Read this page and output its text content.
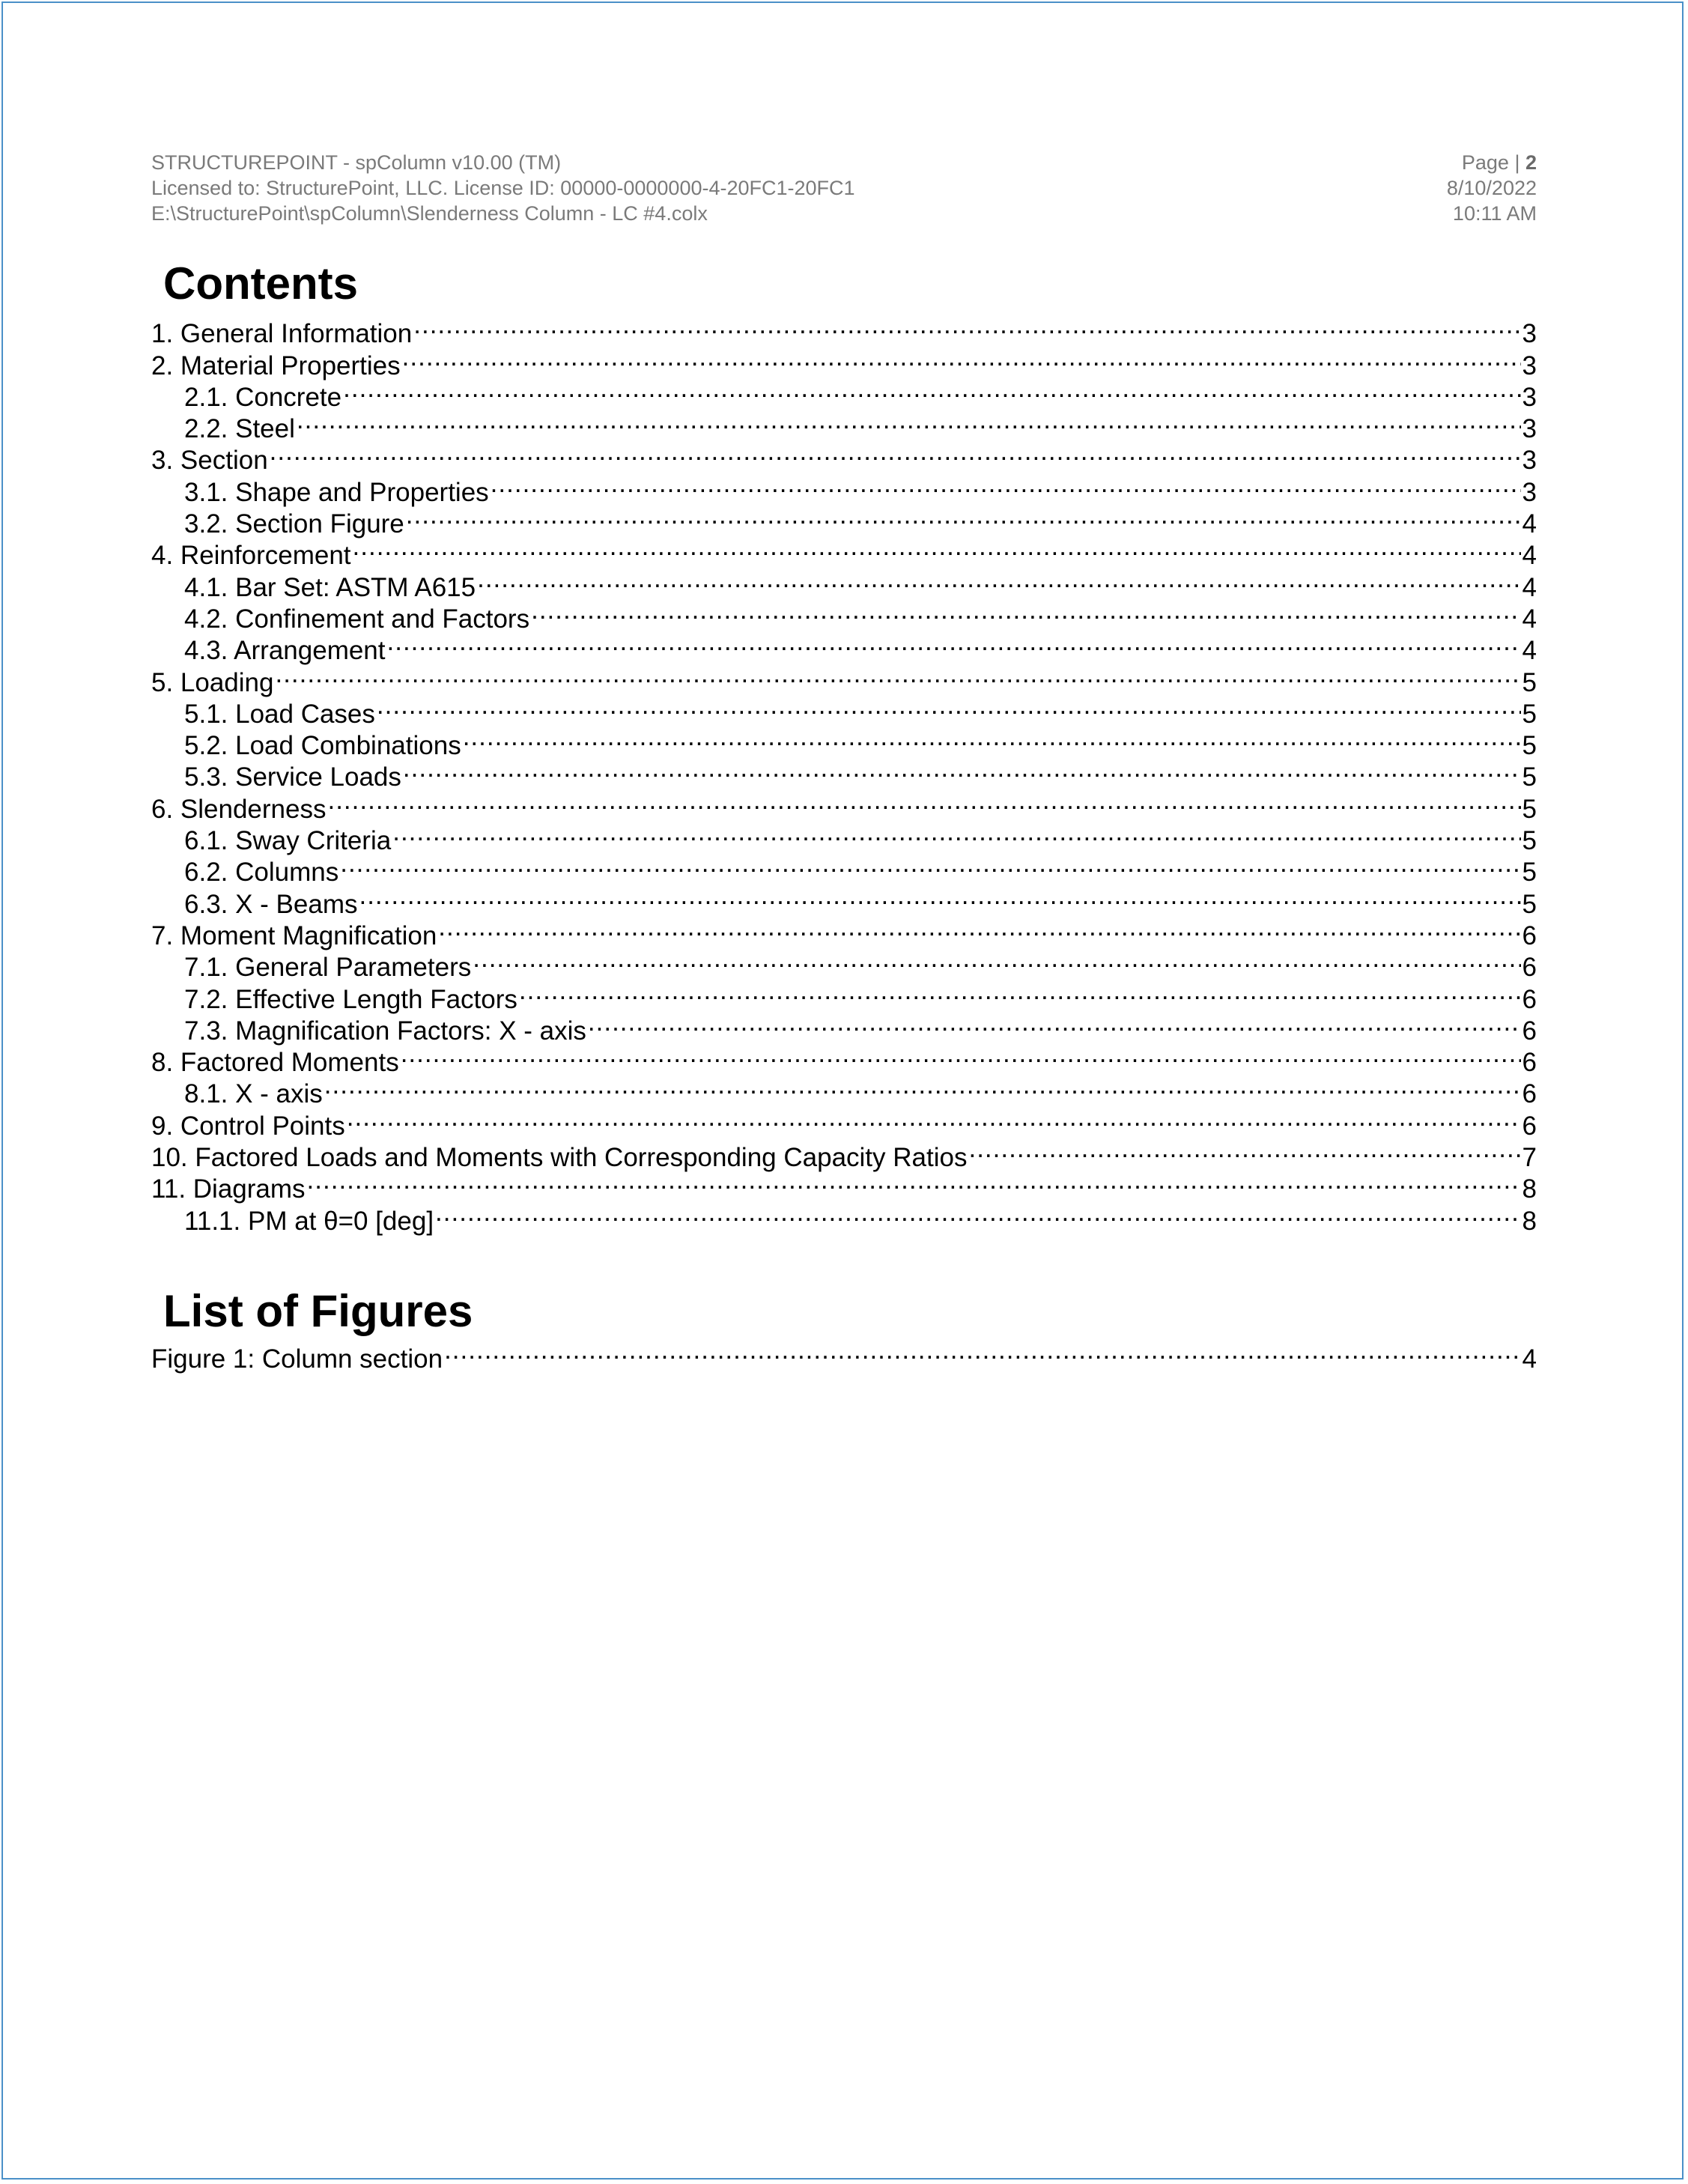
STRUCTUREPOINT - spColumn v10.00 (TM)	Page | 2
Licensed to: StructurePoint, LLC. License ID: 00000-0000000-4-20FC1-20FC1	8/10/2022
E:\StructurePoint\spColumn\Slenderness Column - LC #4.colx	10:11 AM
Contents
1. General Information .....	3
2. Material Properties .....	3
2.1. Concrete .....	3
2.2. Steel .....	3
3. Section .....	3
3.1. Shape and Properties .....	3
3.2. Section Figure .....	4
4. Reinforcement .....	4
4.1. Bar Set: ASTM A615 .....	4
4.2. Confinement and Factors .....	4
4.3. Arrangement .....	4
5. Loading .....	5
5.1. Load Cases .....	5
5.2. Load Combinations .....	5
5.3. Service Loads .....	5
6. Slenderness .....	5
6.1. Sway Criteria .....	5
6.2. Columns .....	5
6.3. X - Beams .....	5
7. Moment Magnification .....	6
7.1. General Parameters .....	6
7.2. Effective Length Factors .....	6
7.3. Magnification Factors: X - axis .....	6
8. Factored Moments .....	6
8.1. X - axis .....	6
9. Control Points .....	6
10. Factored Loads and Moments with Corresponding Capacity Ratios .....	7
11. Diagrams .....	8
11.1. PM at θ=0 [deg] .....	8
List of Figures
Figure 1: Column section .....	4
